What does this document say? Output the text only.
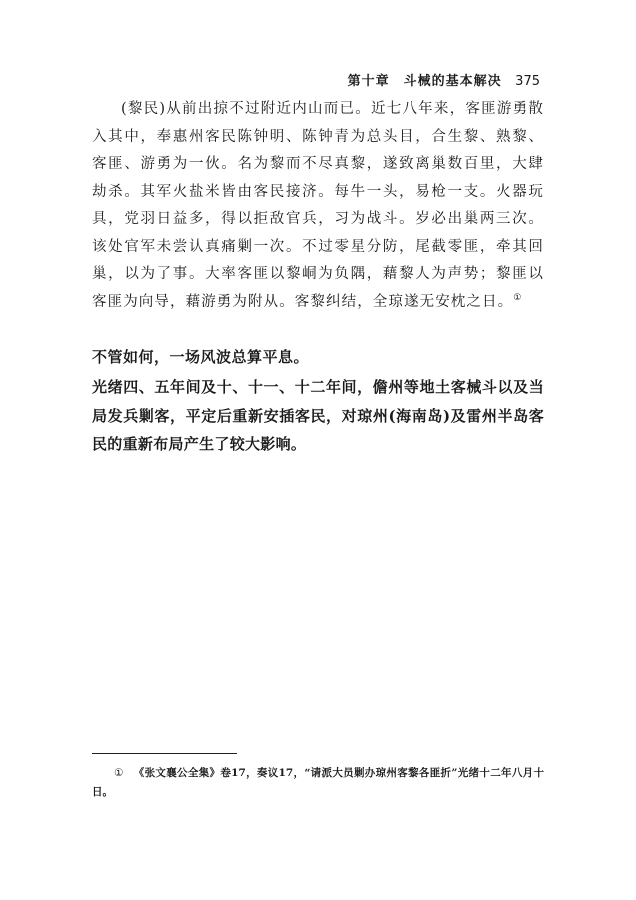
第十章　斗械的基本解决 375
(黎民)从前出掠不过附近内山而已。近七八年来，客匪游勇散入其中，奉惠州客民陈钟明、陈钟青为总头目，合生黎、熟黎、客匪、游勇为一伙。名为黎而不尽真黎，遂致离巢数百里，大肆劫杀。其军火盐米皆由客民接济。每牛一头，易枪一支。火器玩具，党羽日益多，得以拒敌官兵，习为战斗。岁必出巢两三次。该处官军未尝认真痛剿一次。不过零星分防，尾截零匪，牵其回巢，以为了事。大率客匪以黎峒为负隅，藉黎人为声势；黎匪以客匪为向导，藉游勇为附从。客黎纠结，全琼遂无安枕之日。①

不管如何，一场风波总算平息。

光绪四、五年间及十、十一、十二年间，儋州等地土客械斗以及当局发兵剿客，平定后重新安插客民，对琼州(海南岛)及雷州半岛客民的重新布局产生了较大影响。

① 《张文襄公全集》卷17，奏议17，“请派大员剿办琼州客黎各匪折”光绪十二年八月十日。
